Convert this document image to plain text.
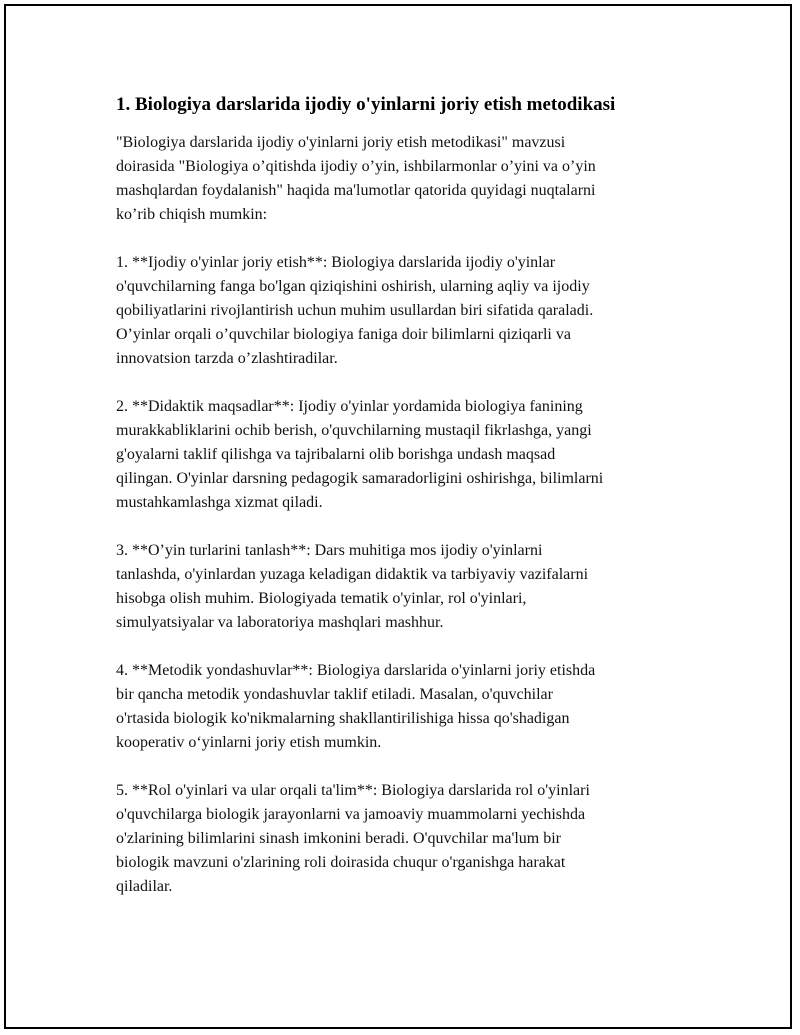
1. Biologiya darslarida ijodiy o'yinlarni joriy etish metodikasi

"Biologiya darslarida ijodiy o'yinlarni joriy etish metodikasi" mavzusi
doirasida "Biologiya o’qitishda ijodiy o’yin, ishbilarmonlar o’yini va o’yin
mashqlardan foydalanish" haqida ma'lumotlar qatorida quyidagi nuqtalarni
ko’rib chiqish mumkin:

1. **Ijodiy o'yinlar joriy etish**: Biologiya darslarida ijodiy o'yinlar
o'quvchilarning fanga bo'lgan qiziqishini oshirish, ularning aqliy va ijodiy
qobiliyatlarini rivojlantirish uchun muhim usullardan biri sifatida qaraladi.
O’yinlar orqali o’quvchilar biologiya faniga doir bilimlarni qiziqarli va
innovatsion tarzda o’zlashtiradilar.

2. **Didaktik maqsadlar**: Ijodiy o'yinlar yordamida biologiya fanining
murakkabliklarini ochib berish, o'quvchilarning mustaqil fikrlashga, yangi
g'oyalarni taklif qilishga va tajribalarni olib borishga undash maqsad
qilingan. O'yinlar darsning pedagogik samaradorligini oshirishga, bilimlarni
mustahkamlashga xizmat qiladi.

3. **O’yin turlarini tanlash**: Dars muhitiga mos ijodiy o'yinlarni
tanlashda, o'yinlardan yuzaga keladigan didaktik va tarbiyaviy vazifalarni
hisobga olish muhim. Biologiyada tematik o'yinlar, rol o'yinlari,
simulyatsiyalar va laboratoriya mashqlari mashhur.

4. **Metodik yondashuvlar**: Biologiya darslarida o'yinlarni joriy etishda
bir qancha metodik yondashuvlar taklif etiladi. Masalan, o'quvchilar
o'rtasida biologik ko'nikmalarning shakllantirilishiga hissa qo'shadigan
kooperativ o‘yinlarni joriy etish mumkin.

5. **Rol o'yinlari va ular orqali ta'lim**: Biologiya darslarida rol o'yinlari
o'quvchilarga biologik jarayonlarni va jamoaviy muammolarni yechishda
o'zlarining bilimlarini sinash imkonini beradi. O'quvchilar ma'lum bir
biologik mavzuni o'zlarining roli doirasida chuqur o'rganishga harakat
qiladilar.
